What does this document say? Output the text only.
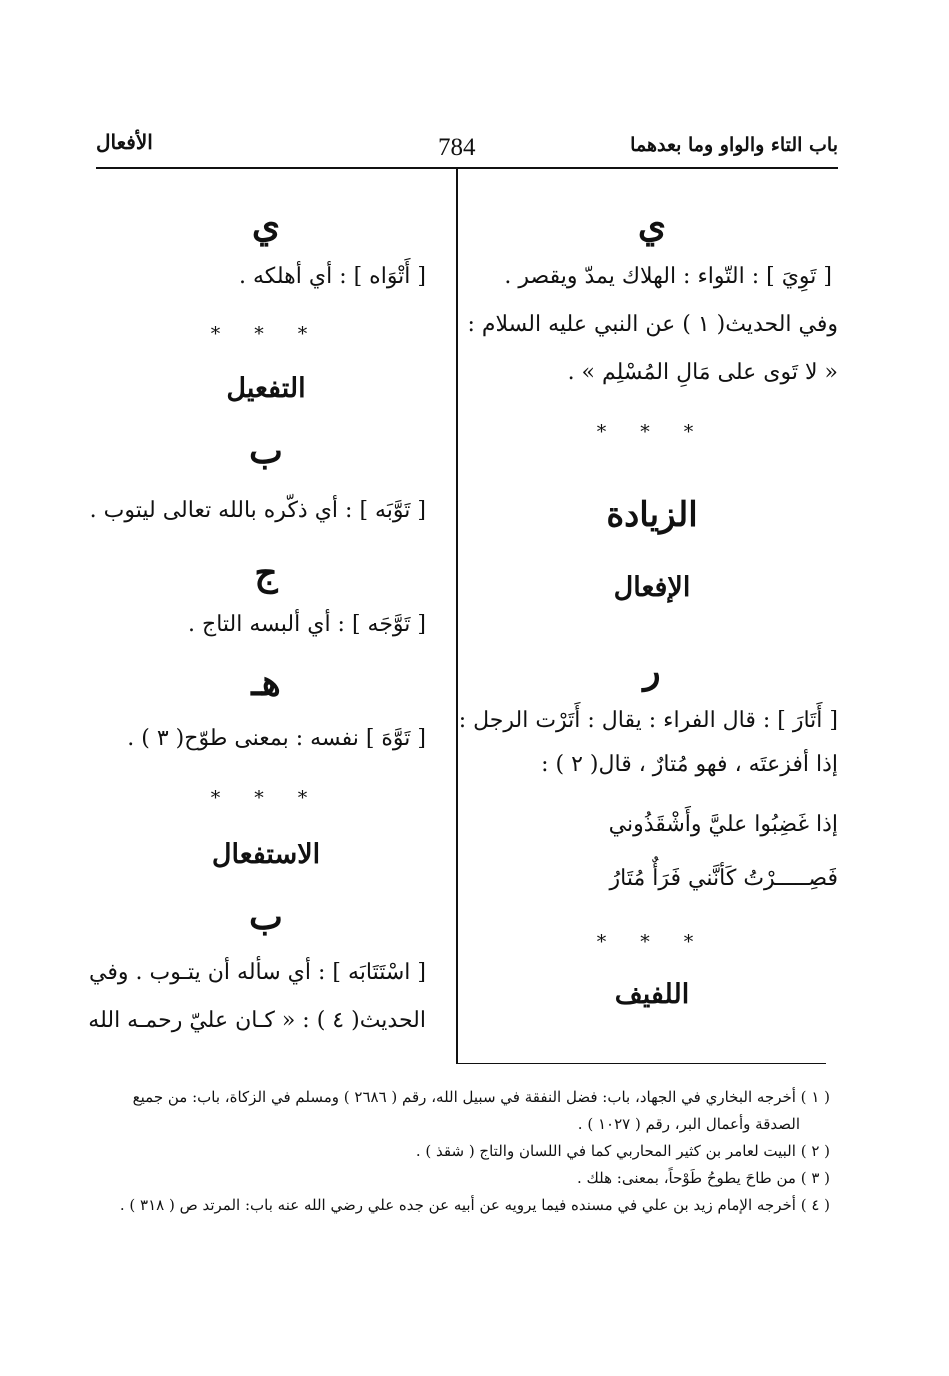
باب التاء والواو وما بعدهما
784
الأفعال
ي
[ تَوِيَ ] : التّواء : الهلاك يمدّ ويقصر .
وفي الحديث( ١ ) عن النبي عليه السلام :
« لا تَوى على مَالِ المُسْلِم » .
* * *
الزيادة
الإفعال
ر
[ أَتَارَ ] : قال الفراء : يقال : أَتَرْت الرجل :
إذا أفزعتَه ، فهو مُتارٌ ، قال( ٢ ) :
إذا غَضِبُوا عليَّ وأَشْقَذُوني
فَصِـــــرْتُ كَأنَّني فَرَأٌ مُتَارُ
* * *
اللفيف
ي
[ أَتْوَاه ] : أي أهلكه .
* * *
التفعيل
ب
[ تَوَّبَه ] : أي ذكّره بالله تعالى ليتوب .
ج
[ تَوَّجَه ] : أي ألبسه التاج .
هـ
[ تَوَّهَ ] نفسه : بمعنى طوّح( ٣ ) .
* * *
الاستفعال
ب
[ اسْتَتَابَه ] : أي سأله أن يتـوب . وفي
الحديث( ٤ ) : « كـان عليّ رحمـه الله
( ١ ) أخرجه البخاري في الجهاد، باب: فضل النفقة في سبيل الله، رقم ( ٢٦٨٦ ) ومسلم في الزكاة، باب: من جميع
الصدقة وأعمال البر، رقم ( ١٠٢٧ ) .
( ٢ ) البيت لعامر بن كثير المحاربي كما في اللسان والتاج ( شقذ ) .
( ٣ ) من طاحَ يطوحُ طَوْحاً، بمعنى: هلك .
( ٤ ) أخرجه الإمام زيد بن علي في مسنده فيما يرويه عن أبيه عن جده علي رضي الله عنه باب: المرتد ص ( ٣١٨ ) .
